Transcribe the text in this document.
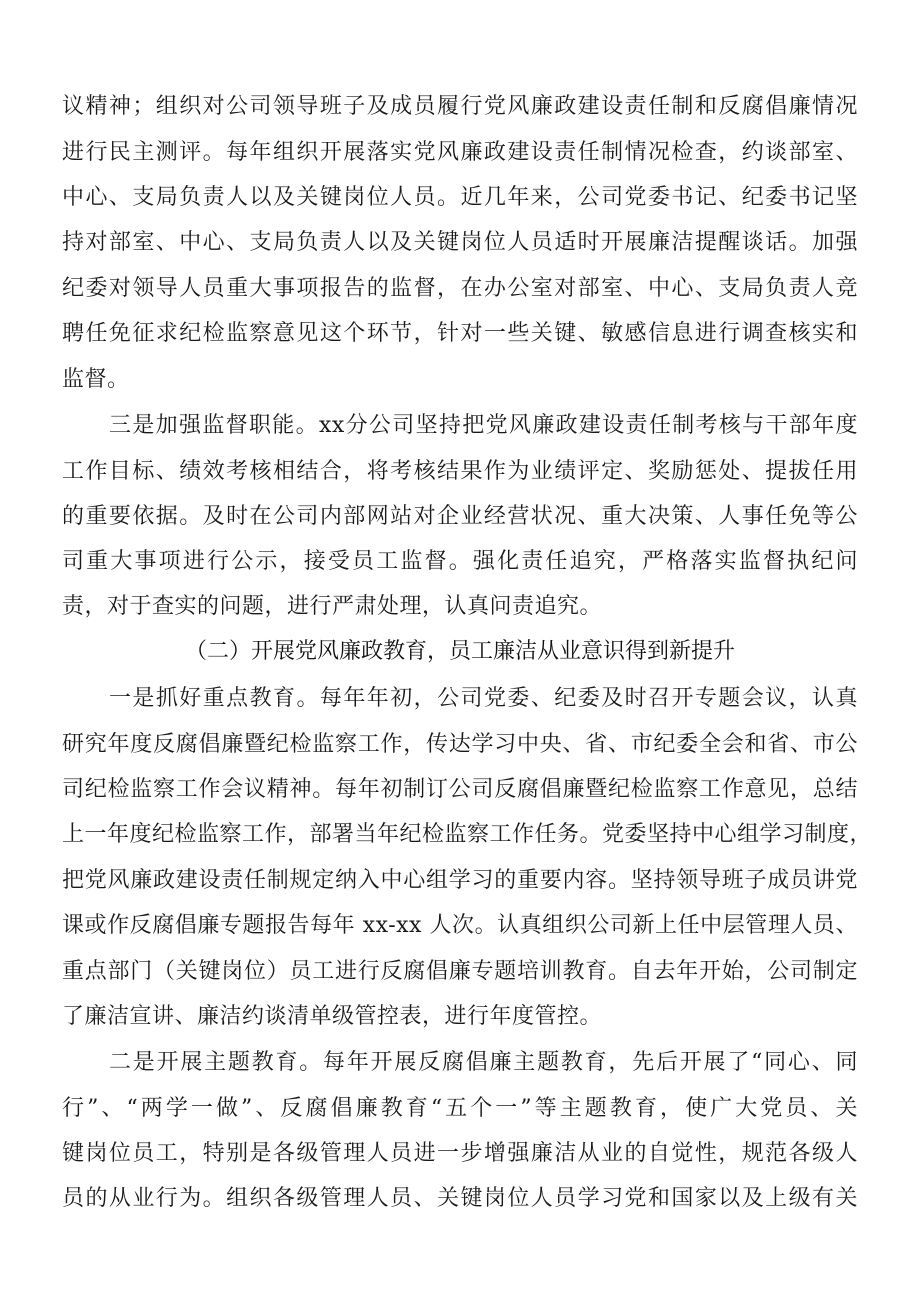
议精神；组织对公司领导班子及成员履行党风廉政建设责任制和反腐倡廉情况
进行民主测评。每年组织开展落实党风廉政建设责任制情况检查，约谈部室、
中心、支局负责人以及关键岗位人员。近几年来，公司党委书记、纪委书记坚
持对部室、中心、支局负责人以及关键岗位人员适时开展廉洁提醒谈话。加强
纪委对领导人员重大事项报告的监督，在办公室对部室、中心、支局负责人竞
聘任免征求纪检监察意见这个环节，针对一些关键、敏感信息进行调查核实和
监督。
三是加强监督职能。xx分公司坚持把党风廉政建设责任制考核与干部年度
工作目标、绩效考核相结合，将考核结果作为业绩评定、奖励惩处、提拔任用
的重要依据。及时在公司内部网站对企业经营状况、重大决策、人事任免等公
司重大事项进行公示，接受员工监督。强化责任追究，严格落实监督执纪问
责，对于查实的问题，进行严肃处理，认真问责追究。
（二）开展党风廉政教育，员工廉洁从业意识得到新提升
一是抓好重点教育。每年年初，公司党委、纪委及时召开专题会议，认真
研究年度反腐倡廉暨纪检监察工作，传达学习中央、省、市纪委全会和省、市公
司纪检监察工作会议精神。每年初制订公司反腐倡廉暨纪检监察工作意见，总结
上一年度纪检监察工作，部署当年纪检监察工作任务。党委坚持中心组学习制度，
把党风廉政建设责任制规定纳入中心组学习的重要内容。坚持领导班子成员讲党
课或作反腐倡廉专题报告每年 xx-xx 人次。认真组织公司新上任中层管理人员、
重点部门（关键岗位）员工进行反腐倡廉专题培训教育。自去年开始，公司制定
了廉洁宣讲、廉洁约谈清单级管控表，进行年度管控。
二是开展主题教育。每年开展反腐倡廉主题教育，先后开展了“同心、同
行”、“两学一做”、反腐倡廉教育“五个一”等主题教育，使广大党员、关
键岗位员工，特别是各级管理人员进一步增强廉洁从业的自觉性，规范各级人
员的从业行为。组织各级管理人员、关键岗位人员学习党和国家以及上级有关
